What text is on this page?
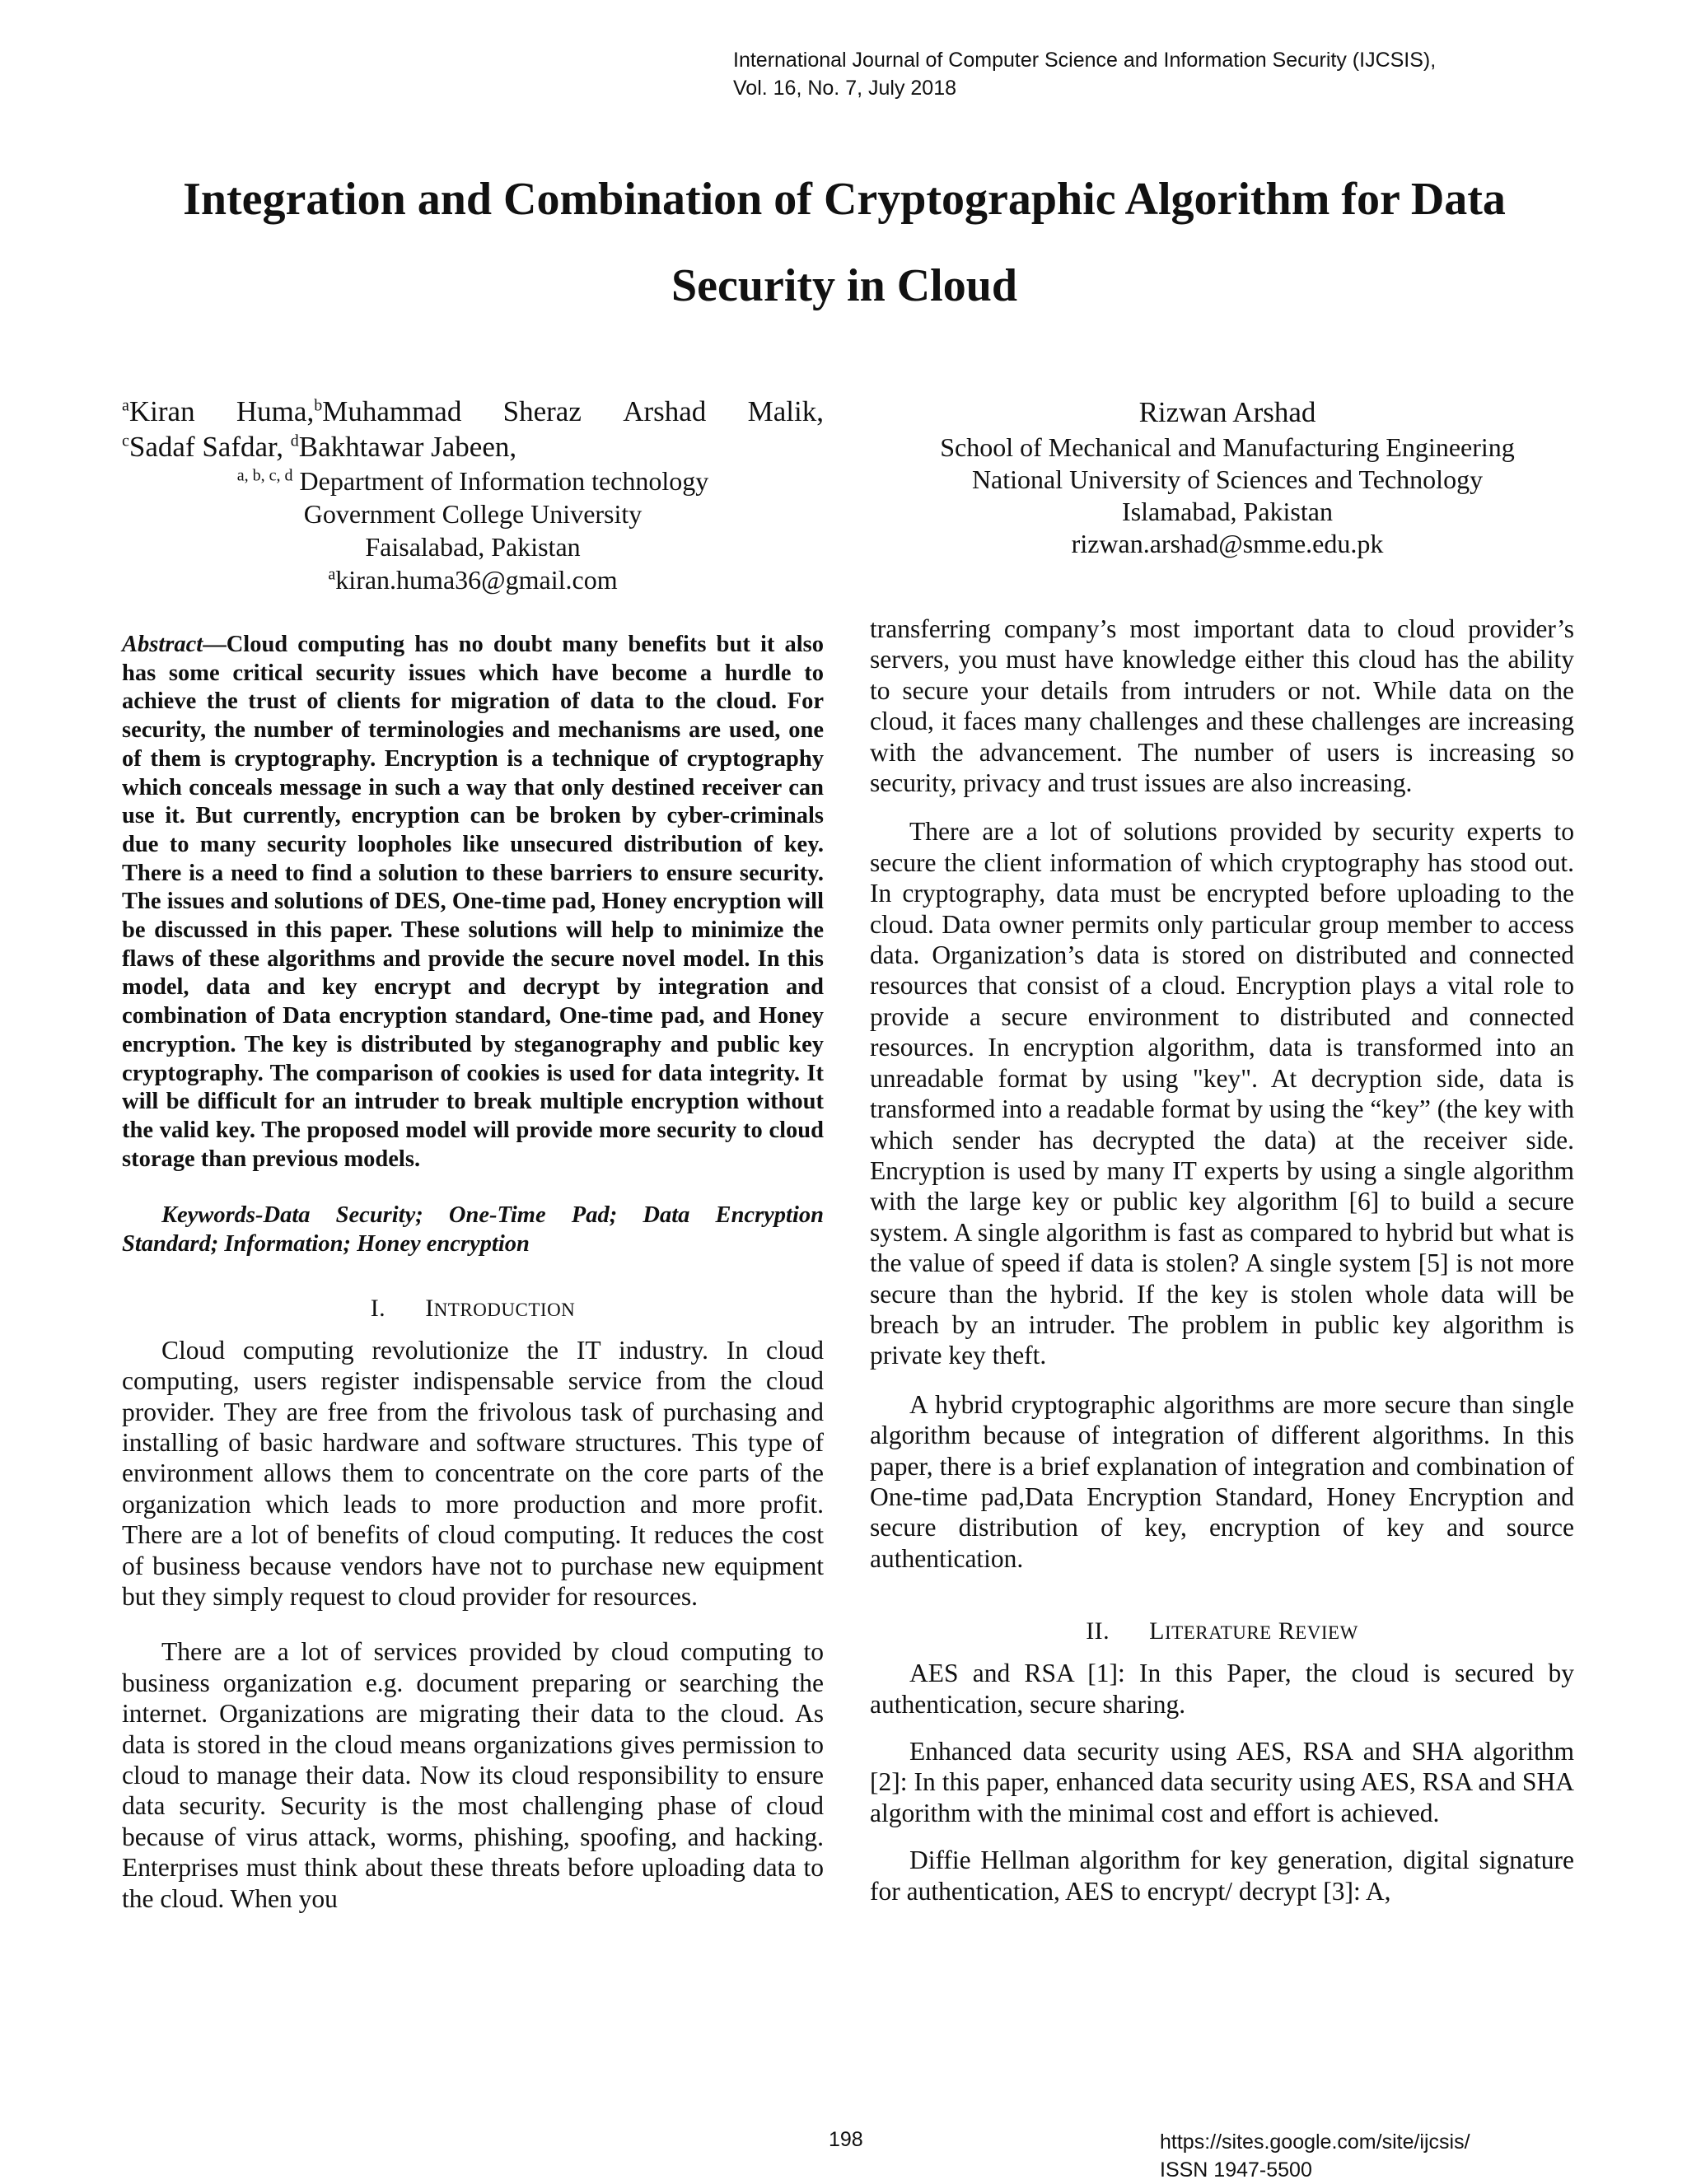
International Journal of Computer Science and Information Security (IJCSIS),
Vol. 16, No. 7, July 2018
Integration and Combination of Cryptographic Algorithm for Data Security in Cloud
$^a$Kiran Huma,$^b$Muhammad Sheraz Arshad Malik,
$^c$Sadaf Safdar, $^d$Bakhtawar Jabeen,
$^{a, b, c, d}$ Department of Information technology
Government College University
Faisalabad, Pakistan
$^a$kiran.huma36@gmail.com
Rizwan Arshad
School of Mechanical and Manufacturing Engineering
National University of Sciences and Technology
Islamabad, Pakistan
rizwan.arshad@smme.edu.pk

Abstract—Cloud computing has no doubt many benefits but it also has some critical security issues which have become a hurdle to achieve the trust of clients for migration of data to the cloud. For security, the number of terminologies and mechanisms are used, one of them is cryptography. Encryption is a technique of cryptography which conceals message in such a way that only destined receiver can use it. But currently, encryption can be broken by cyber-criminals due to many security loopholes like unsecured distribution of key. There is a need to find a solution to these barriers to ensure security. The issues and solutions of DES, One-time pad, Honey encryption will be discussed in this paper. These solutions will help to minimize the flaws of these algorithms and provide the secure novel model. In this model, data and key encrypt and decrypt by integration and combination of Data encryption standard, One-time pad, and Honey encryption. The key is distributed by steganography and public key cryptography. The comparison of cookies is used for data integrity. It will be difficult for an intruder to break multiple encryption without the valid key. The proposed model will provide more security to cloud storage than previous models.

Keywords-Data Security; One-Time Pad; Data Encryption Standard; Information; Honey encryption

I. INTRODUCTION

Cloud computing revolutionize the IT industry. In cloud computing, users register indispensable service from the cloud provider. They are free from the frivolous task of purchasing and installing of basic hardware and software structures. This type of environment allows them to concentrate on the core parts of the organization which leads to more production and more profit. There are a lot of benefits of cloud computing. It reduces the cost of business because vendors have not to purchase new equipment but they simply request to cloud provider for resources.

There are a lot of services provided by cloud computing to business organization e.g. document preparing or searching the internet. Organizations are migrating their data to the cloud. As data is stored in the cloud means organizations gives permission to cloud to manage their data. Now its cloud responsibility to ensure data security. Security is the most challenging phase of cloud because of virus attack, worms, phishing, spoofing, and hacking. Enterprises must think about these threats before uploading data to the cloud. When you

transferring company’s most important data to cloud provider’s servers, you must have knowledge either this cloud has the ability to secure your details from intruders or not. While data on the cloud, it faces many challenges and these challenges are increasing with the advancement. The number of users is increasing so security, privacy and trust issues are also increasing.

There are a lot of solutions provided by security experts to secure the client information of which cryptography has stood out. In cryptography, data must be encrypted before uploading to the cloud. Data owner permits only particular group member to access data. Organization’s data is stored on distributed and connected resources that consist of a cloud. Encryption plays a vital role to provide a secure environment to distributed and connected resources. In encryption algorithm, data is transformed into an unreadable format by using "key". At decryption side, data is transformed into a readable format by using the “key” (the key with which sender has decrypted the data) at the receiver side. Encryption is used by many IT experts by using a single algorithm with the large key or public key algorithm [6] to build a secure system. A single algorithm is fast as compared to hybrid but what is the value of speed if data is stolen? A single system [5] is not more secure than the hybrid. If the key is stolen whole data will be breach by an intruder. The problem in public key algorithm is private key theft.

A hybrid cryptographic algorithms are more secure than single algorithm because of integration of different algorithms. In this paper, there is a brief explanation of integration and combination of One-time pad,Data Encryption Standard, Honey Encryption and secure distribution of key, encryption of key and source authentication.

II. LITERATURE REVIEW

AES and RSA [1]: In this Paper, the cloud is secured by authentication, secure sharing.

Enhanced data security using AES, RSA and SHA algorithm [2]: In this paper, enhanced data security using AES, RSA and SHA algorithm with the minimal cost and effort is achieved.

Diffie Hellman algorithm for key generation, digital signature for authentication, AES to encrypt/ decrypt [3]: A,

198	https://sites.google.com/site/ijcsis/
ISSN 1947-5500
